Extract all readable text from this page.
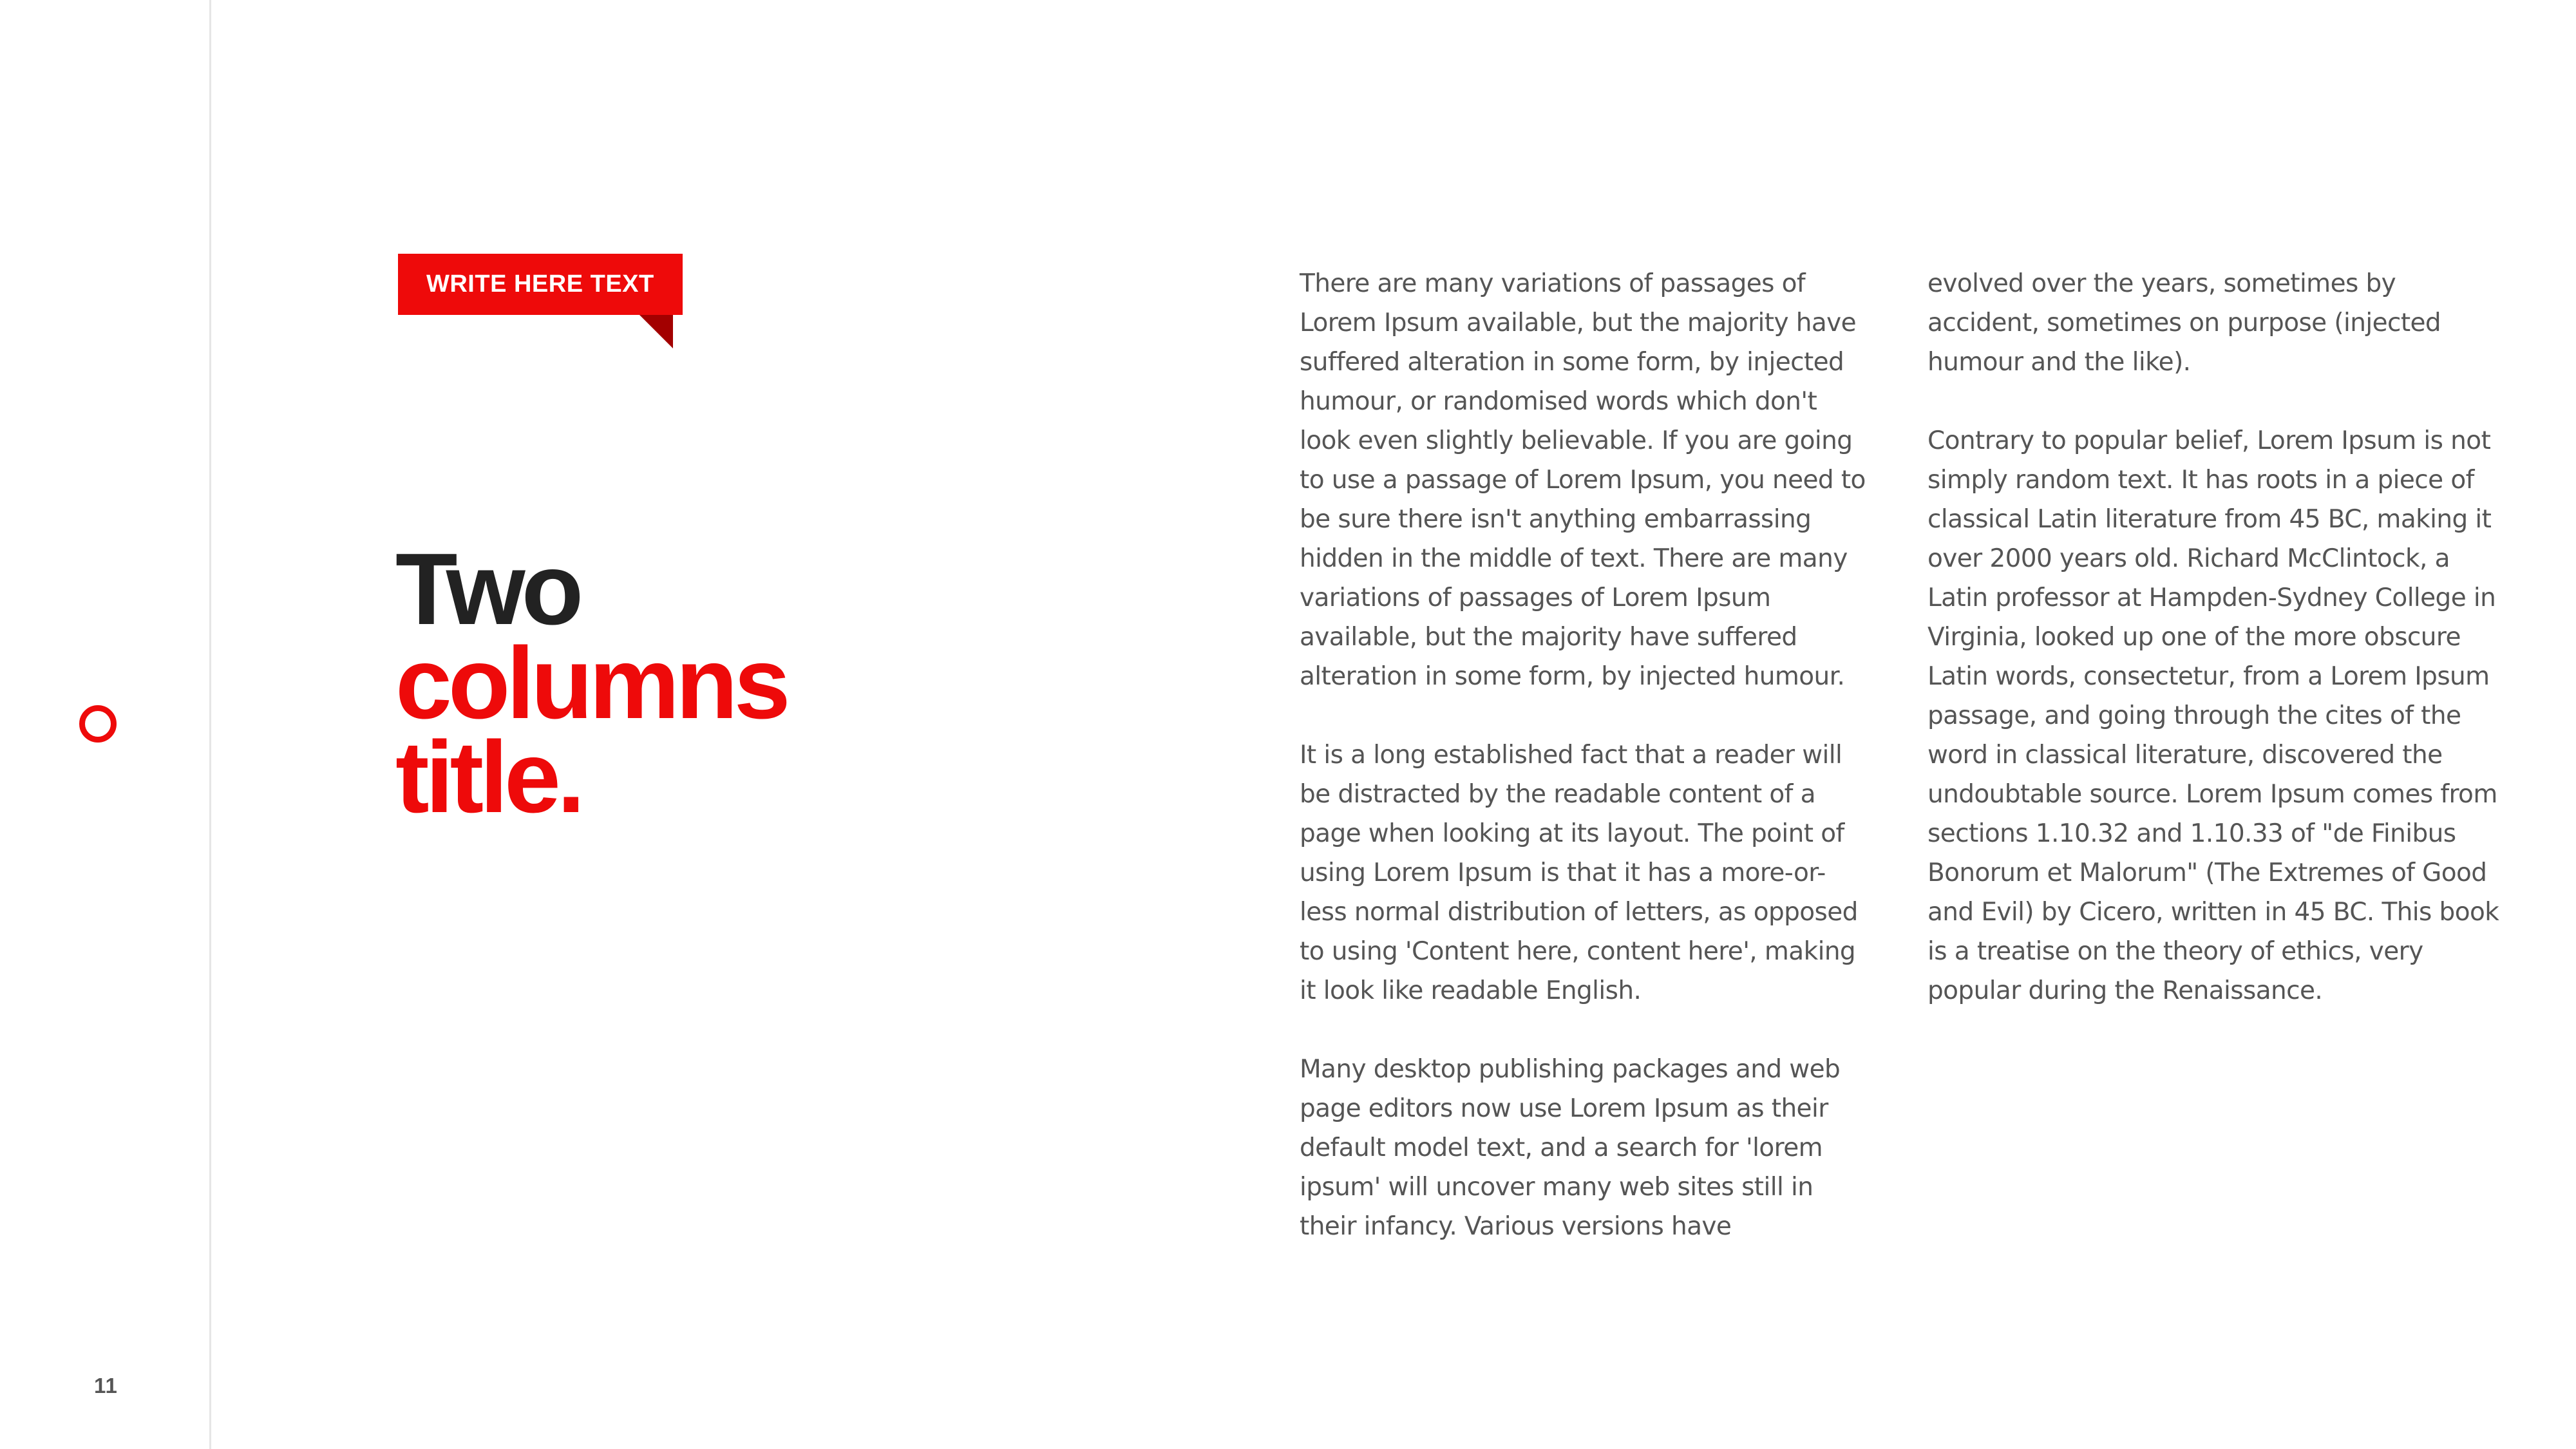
11
WRITE HERE TEXT
Two
columns
title.

There are many variations of passages of Lorem Ipsum available, but the majority have suffered alteration in some form, by injected humour, or randomised words which don't look even slightly believable. If you are going to use a passage of Lorem Ipsum, you need to be sure there isn't anything embarrassing hidden in the middle of text. There are many variations of passages of Lorem Ipsum available, but the majority have suffered alteration in some form, by injected humour.

It is a long established fact that a reader will be distracted by the readable content of a page when looking at its layout. The point of using Lorem Ipsum is that it has a more-or-less normal distribution of letters, as opposed to using 'Content here, content here', making it look like readable English.

Many desktop publishing packages and web page editors now use Lorem Ipsum as their default model text, and a search for 'lorem ipsum' will uncover many web sites still in their infancy. Various versions have

evolved over the years, sometimes by accident, sometimes on purpose (injected humour and the like).

Contrary to popular belief, Lorem Ipsum is not simply random text. It has roots in a piece of classical Latin literature from 45 BC, making it over 2000 years old. Richard McClintock, a Latin professor at Hampden-Sydney College in Virginia, looked up one of the more obscure Latin words, consectetur, from a Lorem Ipsum passage, and going through the cites of the word in classical literature, discovered the undoubtable source. Lorem Ipsum comes from sections 1.10.32 and 1.10.33 of "de Finibus Bonorum et Malorum" (The Extremes of Good and Evil) by Cicero, written in 45 BC. This book is a treatise on the theory of ethics, very popular during the Renaissance.
